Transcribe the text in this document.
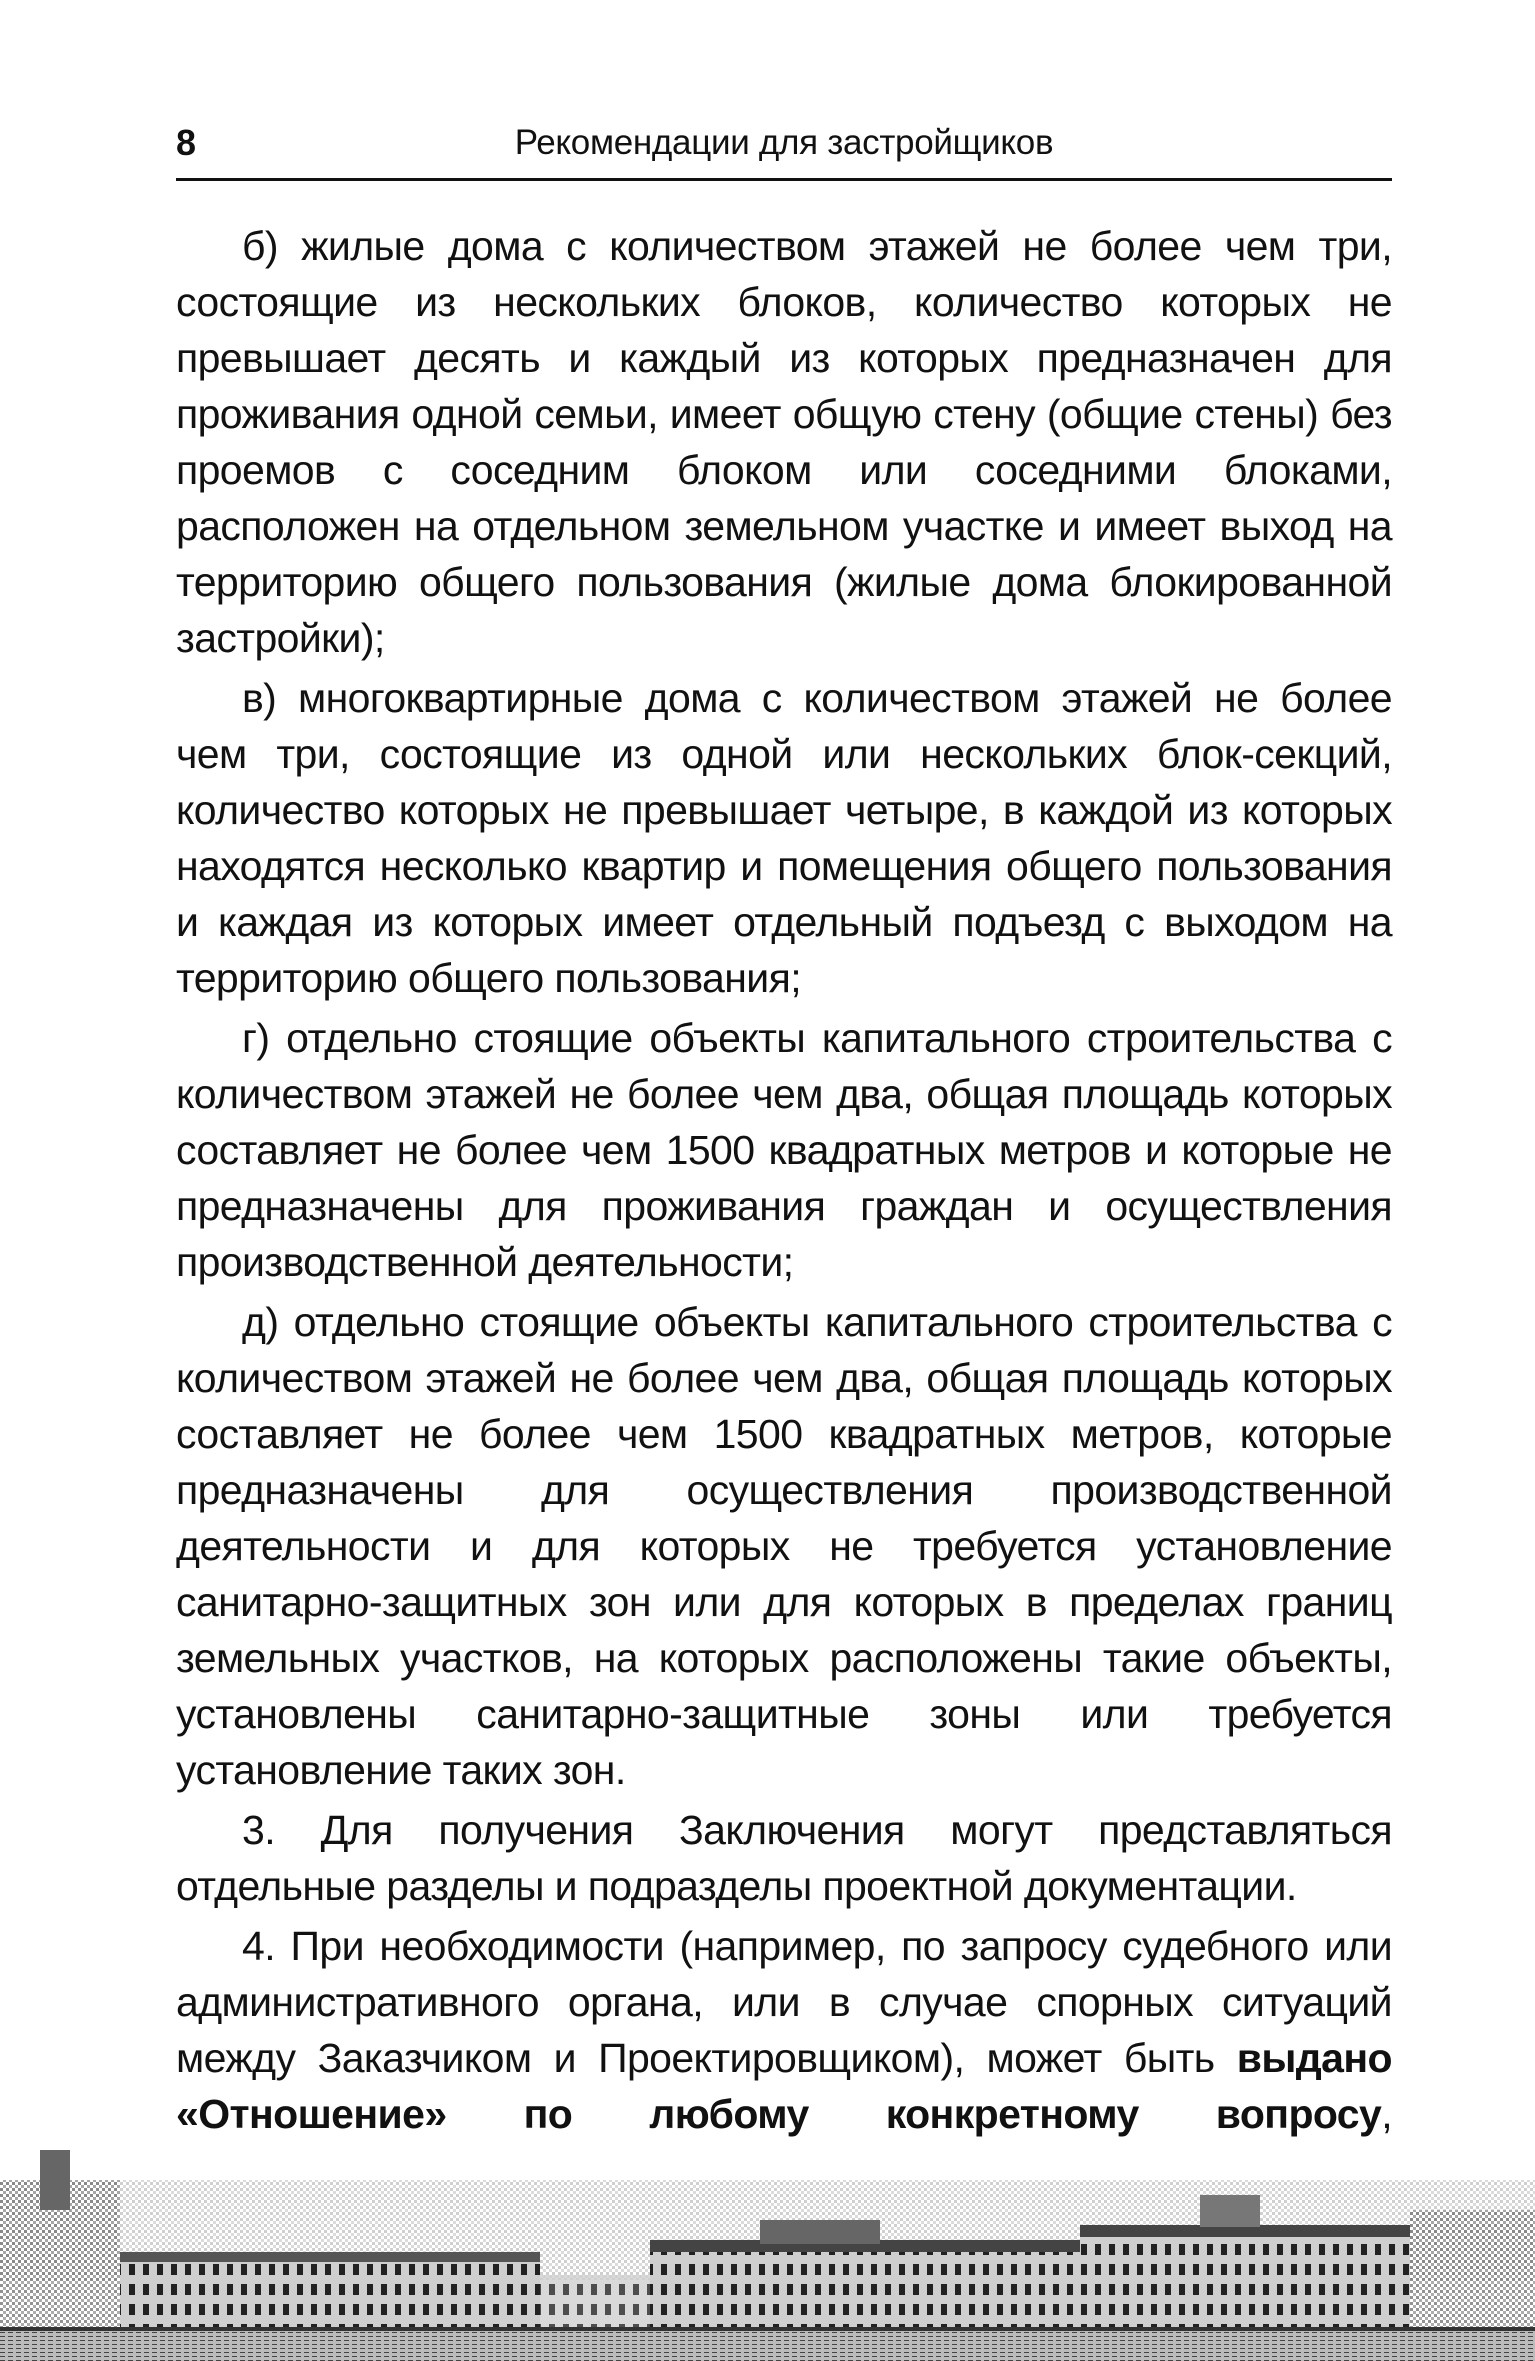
8	Рекомендации для застройщиков

б) жилые дома с количеством этажей не более чем три, состоящие из нескольких блоков, количество которых не превышает десять и каждый из которых предназначен для проживания одной семьи, имеет общую стену (общие стены) без проемов с соседним блоком или соседними блоками, расположен на отдельном земельном участке и имеет выход на территорию общего пользования (жилые дома блокированной застройки);

в) многоквартирные дома с количеством этажей не более чем три, состоящие из одной или нескольких блок-секций, количество которых не превышает четыре, в каждой из которых находятся несколько квартир и помещения общего пользования и каждая из которых имеет отдельный подъезд с выходом на территорию общего пользования;

г) отдельно стоящие объекты капитального строительства с количеством этажей не более чем два, общая площадь которых составляет не более чем 1500 квадратных метров и которые не предназначены для проживания граждан и осуществления производственной деятельности;

д) отдельно стоящие объекты капитального строительства с количеством этажей не более чем два, общая площадь которых составляет не более чем 1500 квадратных метров, которые предназначены для осуществления производственной деятельности и для которых не требуется установление санитарно-защитных зон или для которых в пределах границ земельных участков, на которых расположены такие объекты, установлены санитарно-защитные зоны или требуется установление таких зон.

3. Для получения Заключения могут представляться отдельные разделы и подразделы проектной документации.

4. При необходимости (например, по запросу судебного или административного органа, или в случае спорных ситуаций между Заказчиком и Проектировщиком), может быть выдано «Отношение» по любому конкретному вопросу,
